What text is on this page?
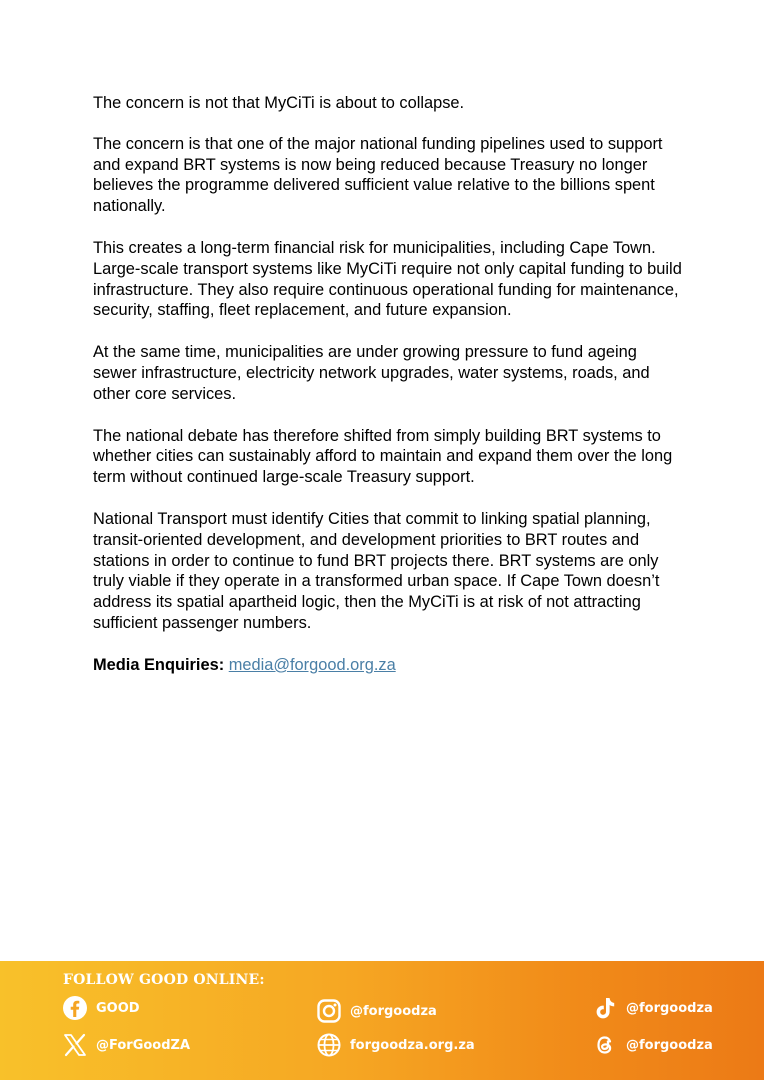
The concern is not that MyCiTi is about to collapse.

The concern is that one of the major national funding pipelines used to support and expand BRT systems is now being reduced because Treasury no longer believes the programme delivered sufficient value relative to the billions spent nationally.

This creates a long-term financial risk for municipalities, including Cape Town. Large-scale transport systems like MyCiTi require not only capital funding to build infrastructure. They also require continuous operational funding for maintenance, security, staffing, fleet replacement, and future expansion.

At the same time, municipalities are under growing pressure to fund ageing sewer infrastructure, electricity network upgrades, water systems, roads, and other core services.

The national debate has therefore shifted from simply building BRT systems to whether cities can sustainably afford to maintain and expand them over the long term without continued large-scale Treasury support.

National Transport must identify Cities that commit to linking spatial planning, transit-oriented development, and development priorities to BRT routes and stations in order to continue to fund BRT projects there. BRT systems are only truly viable if they operate in a transformed urban space. If Cape Town doesn’t address its spatial apartheid logic, then the MyCiTi is at risk of not attracting sufficient passenger numbers.

Media Enquiries: media@forgood.org.za

FOLLOW GOOD ONLINE:
GOOD
@ForGoodZA
@forgoodza
forgoodza.org.za
@forgoodza
@forgoodza
